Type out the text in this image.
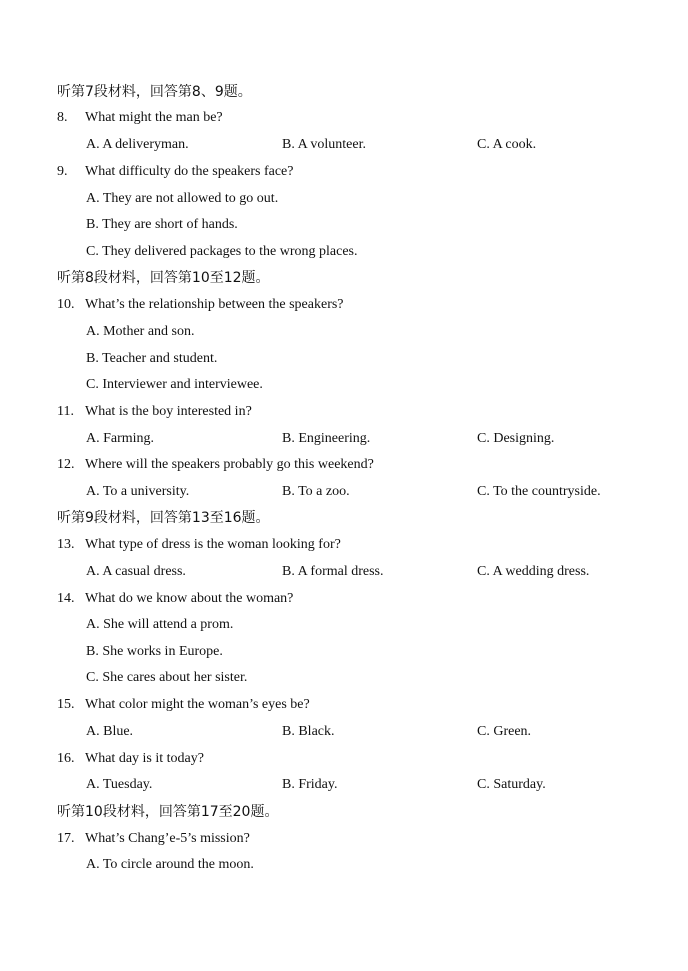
听第7段材料，回答第8、9题。
8. What might the man be?
A. A deliveryman.	B. A volunteer.	C. A cook.
9. What difficulty do the speakers face?
A. They are not allowed to go out.
B. They are short of hands.
C. They delivered packages to the wrong places.
听第8段材料，回答第10至12题。
10. What’s the relationship between the speakers?
A. Mother and son.
B. Teacher and student.
C. Interviewer and interviewee.
11. What is the boy interested in?
A. Farming.	B. Engineering.	C. Designing.
12. Where will the speakers probably go this weekend?
A. To a university.	B. To a zoo.	C. To the countryside.
听第9段材料，回答第13至16题。
13. What type of dress is the woman looking for?
A. A casual dress.	B. A formal dress.	C. A wedding dress.
14. What do we know about the woman?
A. She will attend a prom.
B. She works in Europe.
C. She cares about her sister.
15. What color might the woman’s eyes be?
A. Blue.	B. Black.	C. Green.
16. What day is it today?
A. Tuesday.	B. Friday.	C. Saturday.
听第10段材料，回答第17至20题。
17. What’s Chang’e-5’s mission?
A. To circle around the moon.
